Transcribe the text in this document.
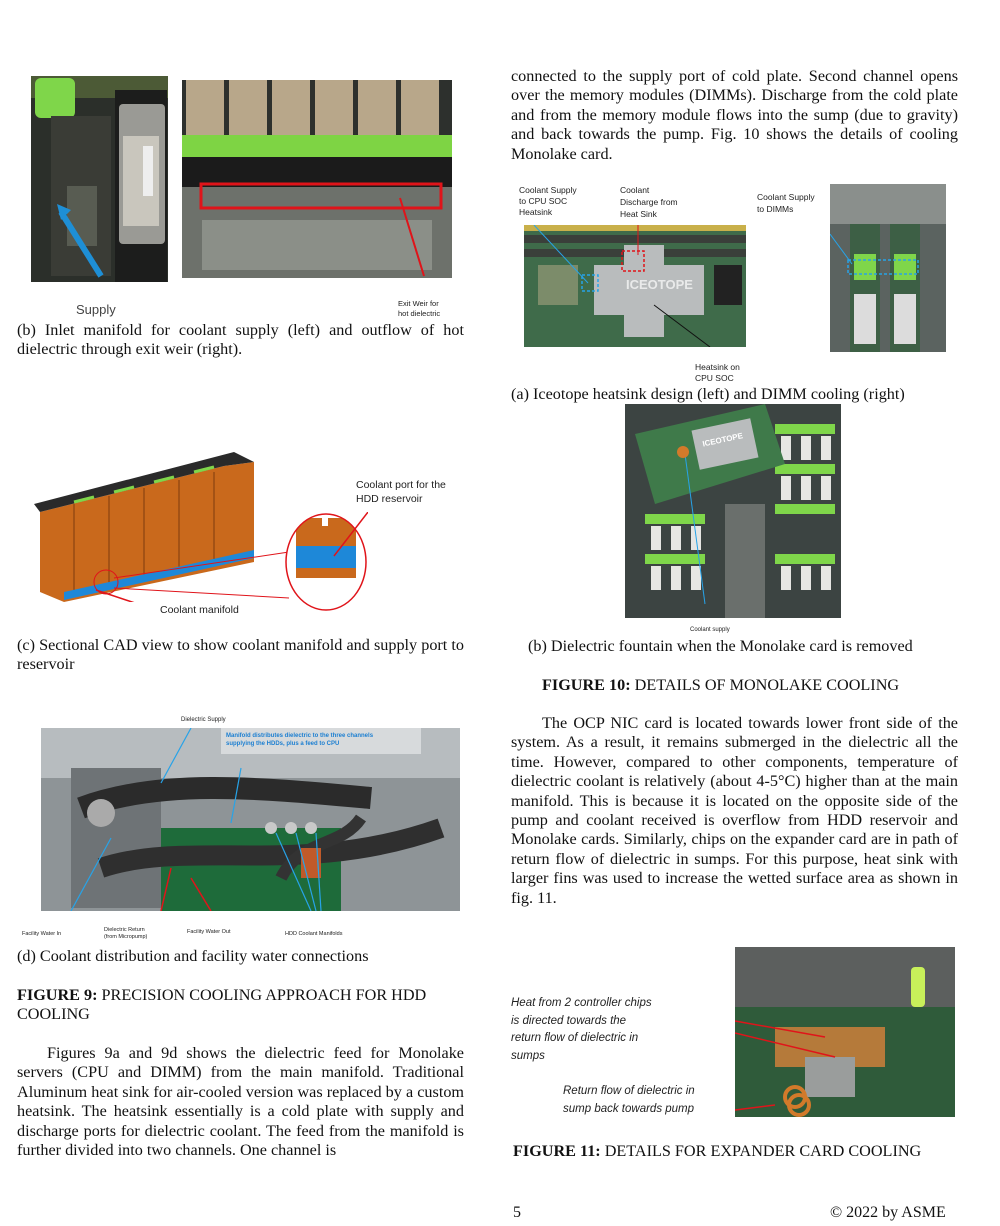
Supply	Exit Weir for
hot dielectric
(b) Inlet manifold for coolant supply (left) and outflow of hot dielectric through exit weir (right).
Coolant port for the
HDD reservoir
Coolant manifold
(c) Sectional CAD view to show coolant manifold and supply port to reservoir
Dielectric Supply
Manifold distributes dielectric to the three channels
supplying the HDDs, plus a feed to CPU
Facility Water In
Dielectric Return
(from Micropump)
Facility Water Out	HDD Coolant Manifolds
(d) Coolant distribution and facility water connections
FIGURE 9: PRECISION COOLING APPROACH FOR HDD COOLING
Figures 9a and 9d shows the dielectric feed for Monolake servers (CPU and DIMM) from the main manifold. Traditional Aluminum heat sink for air-cooled version was replaced by a custom heatsink. The heatsink essentially is a cold plate with supply and discharge ports for dielectric coolant. The feed from the manifold is further divided into two channels. One channel is
connected to the supply port of cold plate. Second channel opens over the memory modules (DIMMs). Discharge from the cold plate and from the memory module flows into the sump (due to gravity) and back towards the pump. Fig. 10 shows the details of cooling Monolake card.
Coolant Supply
to CPU SOC
Heatsink
Coolant
Discharge from
Heat Sink
Coolant Supply
to DIMMs
ICEOTOPE
Heatsink on
CPU SOC
(a) Iceotope heatsink design (left) and DIMM cooling (right)
ICEOTOPE
Coolant supply
(b) Dielectric fountain when the Monolake card is removed
FIGURE 10: DETAILS OF MONOLAKE COOLING
The OCP NIC card is located towards lower front side of the system. As a result, it remains submerged in the dielectric all the time. However, compared to other components, temperature of dielectric coolant is relatively (about 4-5°C) higher than at the main manifold. This is because it is located on the opposite side of the pump and coolant received is overflow from HDD reservoir and Monolake cards. Similarly, chips on the expander card are in path of return flow of dielectric in sumps. For this purpose, heat sink with larger fins was used to increase the wetted surface area as shown in fig. 11.
Heat from 2 controller chips
is directed towards the
return flow of dielectric in
sumps
Return flow of dielectric in
sump back towards pump
FIGURE 11: DETAILS FOR EXPANDER CARD COOLING
5	© 2022 by ASME
